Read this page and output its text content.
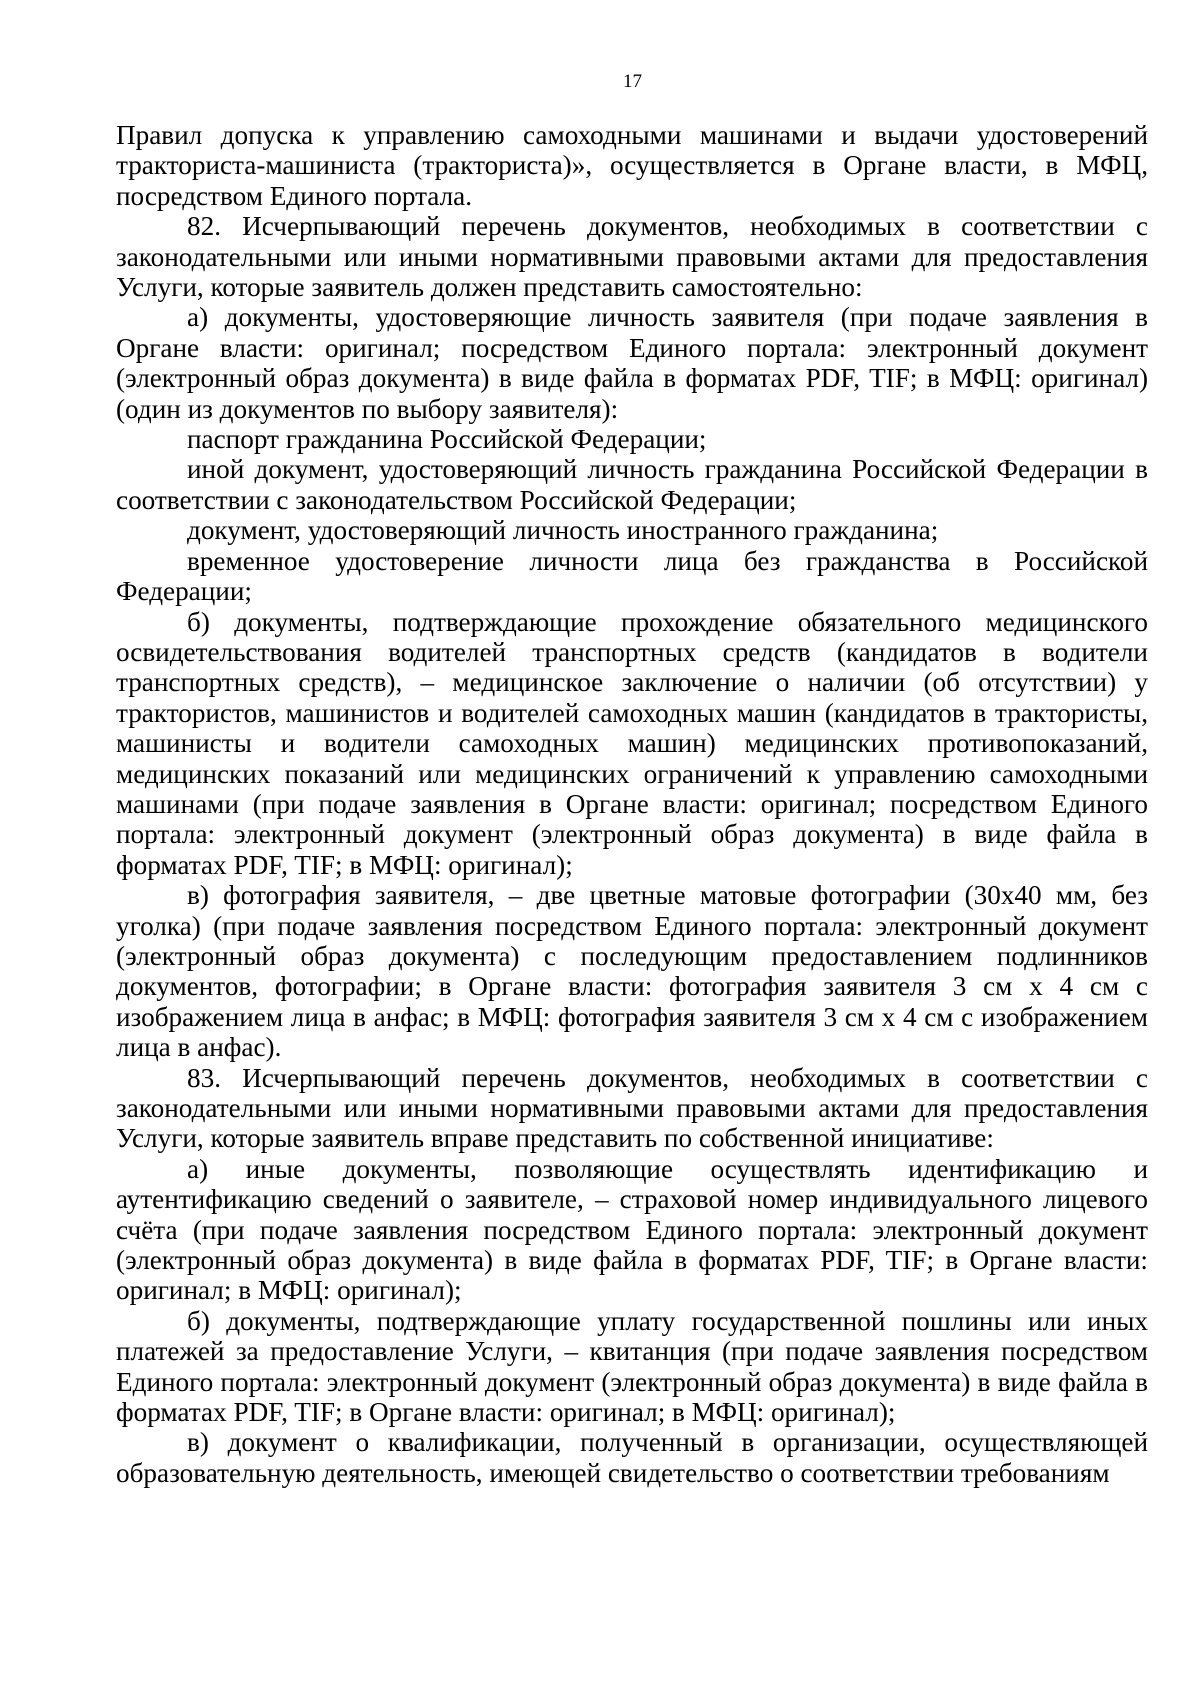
17

Правил допуска к управлению самоходными машинами и выдачи удостоверений тракториста-машиниста (тракториста)», осуществляется в Органе власти, в МФЦ, посредством Единого портала.

82. Исчерпывающий перечень документов, необходимых в соответствии с законодательными или иными нормативными правовыми актами для предоставления Услуги, которые заявитель должен представить самостоятельно:

а) документы, удостоверяющие личность заявителя (при подаче заявления в Органе власти: оригинал; посредством Единого портала: электронный документ (электронный образ документа) в виде файла в форматах PDF, TIF; в МФЦ: оригинал) (один из документов по выбору заявителя):

паспорт гражданина Российской Федерации;

иной документ, удостоверяющий личность гражданина Российской Федерации в соответствии с законодательством Российской Федерации;

документ, удостоверяющий личность иностранного гражданина;

временное удостоверение личности лица без гражданства в Российской Федерации;

б) документы, подтверждающие прохождение обязательного медицинского освидетельствования водителей транспортных средств (кандидатов в водители транспортных средств), – медицинское заключение о наличии (об отсутствии) у трактористов, машинистов и водителей самоходных машин (кандидатов в трактористы, машинисты и водители самоходных машин) медицинских противопоказаний, медицинских показаний или медицинских ограничений к управлению самоходными машинами (при подаче заявления в Органе власти: оригинал; посредством Единого портала: электронный документ (электронный образ документа) в виде файла в форматах PDF, TIF; в МФЦ: оригинал);

в) фотография заявителя, – две цветные матовые фотографии (30x40 мм, без уголка) (при подаче заявления посредством Единого портала: электронный документ (электронный образ документа) с последующим предоставлением подлинников документов, фотографии; в Органе власти: фотография заявителя 3 см х 4 см с изображением лица в анфас; в МФЦ: фотография заявителя 3 см х 4 см с изображением лица в анфас).

83. Исчерпывающий перечень документов, необходимых в соответствии с законодательными или иными нормативными правовыми актами для предоставления Услуги, которые заявитель вправе представить по собственной инициативе:

а) иные документы, позволяющие осуществлять идентификацию и аутентификацию сведений о заявителе, – страховой номер индивидуального лицевого счёта (при подаче заявления посредством Единого портала: электронный документ (электронный образ документа) в виде файла в форматах PDF, TIF; в Органе власти: оригинал; в МФЦ: оригинал);

б) документы, подтверждающие уплату государственной пошлины или иных платежей за предоставление Услуги, – квитанция (при подаче заявления посредством Единого портала: электронный документ (электронный образ документа) в виде файла в форматах PDF, TIF; в Органе власти: оригинал; в МФЦ: оригинал);

в) документ о квалификации, полученный в организации, осуществляющей образовательную деятельность, имеющей свидетельство о соответствии требованиям
